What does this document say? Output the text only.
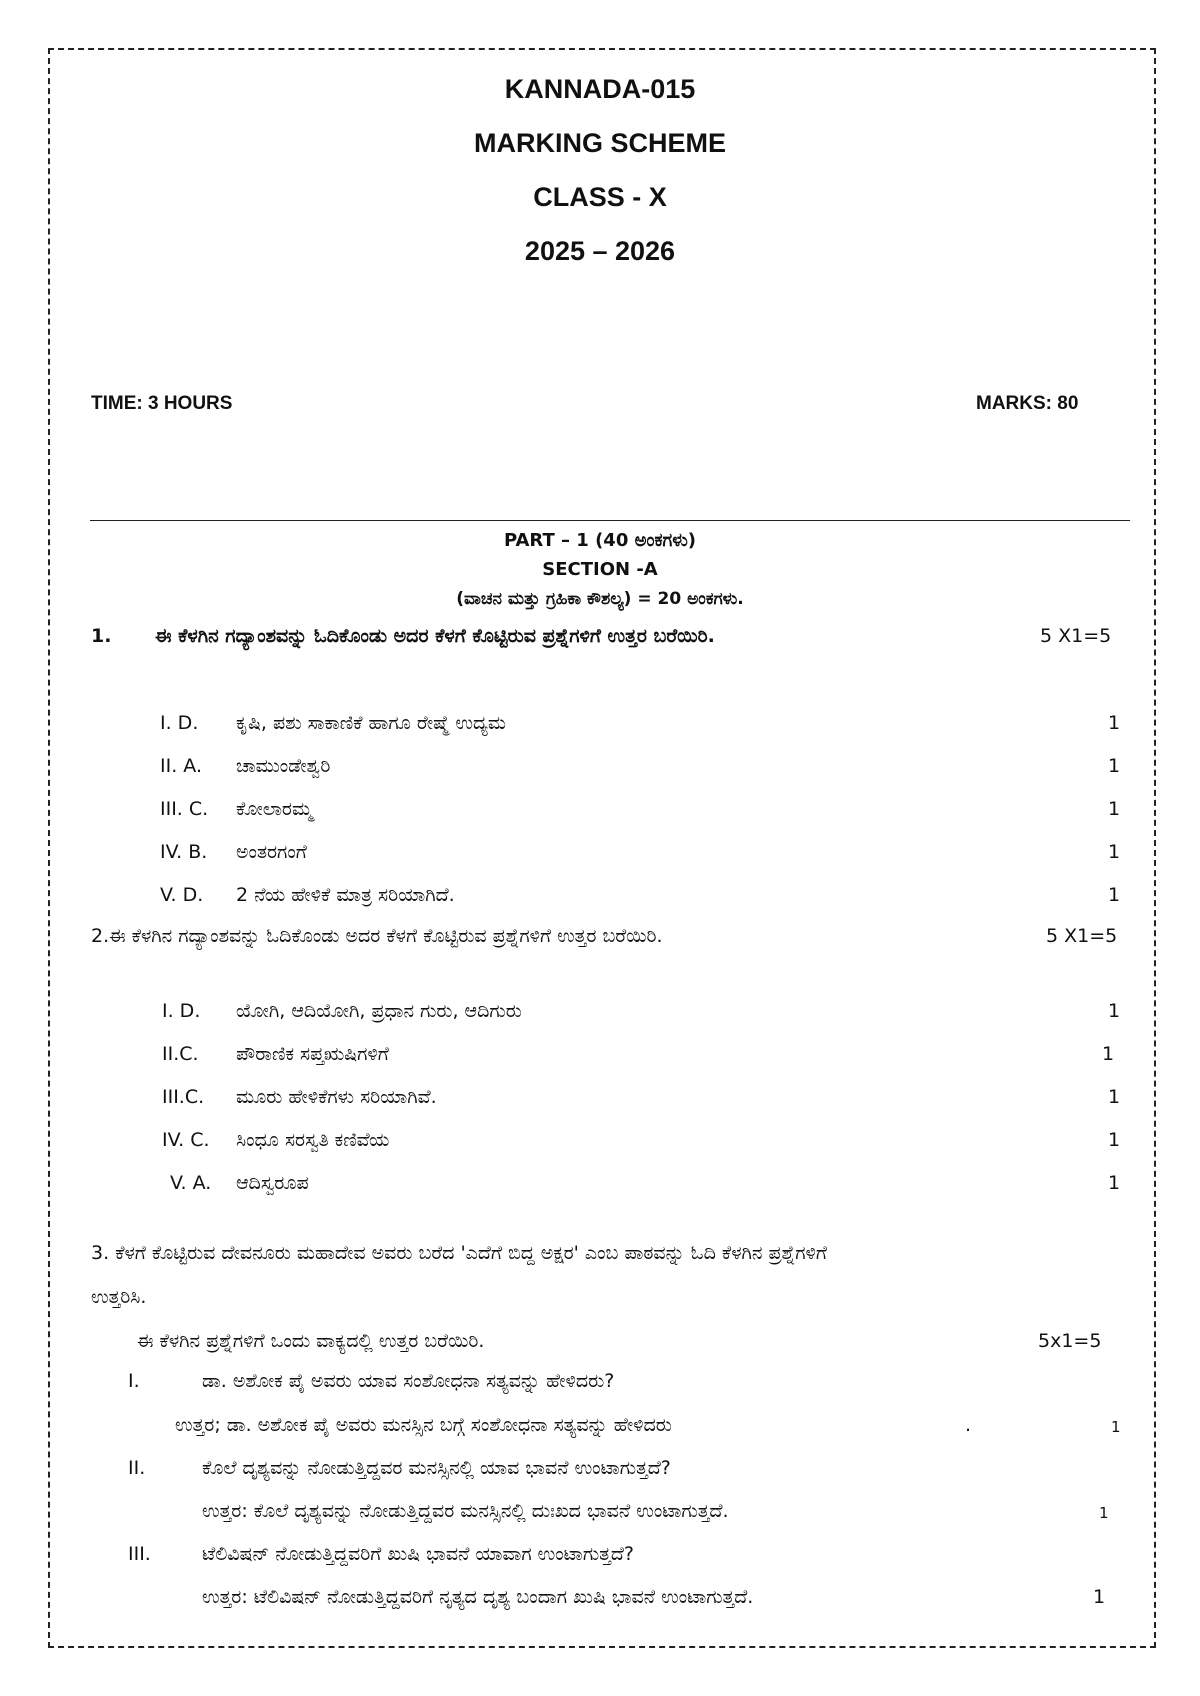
KANNADA-015
MARKING SCHEME
CLASS - X
2025 – 2026
TIME: 3 HOURS	MARKS: 80
PART – 1 (40 ಅಂಕಗಳು)
SECTION -A
(ವಾಚನ ಮತ್ತು ಗ್ರಹಿಕಾ ಕೌಶಲ್ಯ) = 20 ಅಂಕಗಳು.
1. ಈ ಕೆಳಗಿನ ಗದ್ಯಾಂಶವನ್ನು ಓದಿಕೊಂಡು ಅದರ ಕೆಳಗೆ ಕೊಟ್ಟಿರುವ ಪ್ರಶ್ನೆಗಳಿಗೆ ಉತ್ತರ ಬರೆಯಿರಿ.	5 X1=5
I. D. ಕೃಷಿ, ಪಶು ಸಾಕಾಣಿಕೆ ಹಾಗೂ ರೇಷ್ಮೆ ಉದ್ಯಮ	1
II. A. ಚಾಮುಂಡೇಶ್ವರಿ	1
III. C. ಕೋಲಾರಮ್ಮ	1
IV. B. ಅಂತರಗಂಗೆ	1
V. D. 2 ನೆಯ ಹೇಳಿಕೆ ಮಾತ್ರ ಸರಿಯಾಗಿದೆ.	1
2.ಈ ಕೆಳಗಿನ ಗದ್ಯಾಂಶವನ್ನು ಓದಿಕೊಂಡು ಅದರ ಕೆಳಗೆ ಕೊಟ್ಟಿರುವ ಪ್ರಶ್ನೆಗಳಿಗೆ ಉತ್ತರ ಬರೆಯಿರಿ.	5 X1=5
I. D. ಯೋಗಿ, ಆದಿಯೋಗಿ, ಪ್ರಧಾನ ಗುರು, ಆದಿಗುರು	1
II.C. ಪೌರಾಣಿಕ ಸಪ್ತಋಷಿಗಳಿಗೆ	1
III.C. ಮೂರು ಹೇಳಿಕೆಗಳು ಸರಿಯಾಗಿವೆ.	1
IV. C. ಸಿಂಧೂ ಸರಸ್ವತಿ ಕಣಿವೆಯ	1
V. A. ಆದಿಸ್ವರೂಪ	1
3. ಕೆಳಗೆ ಕೊಟ್ಟಿರುವ ದೇವನೂರು ಮಹಾದೇವ ಅವರು ಬರೆದ 'ಎದೆಗೆ ಬಿದ್ದ ಅಕ್ಷರ' ಎಂಬ ಪಾಠವನ್ನು ಓದಿ ಕೆಳಗಿನ ಪ್ರಶ್ನೆಗಳಿಗೆ
ಉತ್ತರಿಸಿ.
ಈ ಕೆಳಗಿನ ಪ್ರಶ್ನೆಗಳಿಗೆ ಒಂದು ವಾಕ್ಯದಲ್ಲಿ ಉತ್ತರ ಬರೆಯಿರಿ.	5x1=5
I.	ಡಾ. ಅಶೋಕ ಪೈ ಅವರು ಯಾವ ಸಂಶೋಧನಾ ಸತ್ಯವನ್ನು ಹೇಳಿದರು?
ಉತ್ತರ; ಡಾ. ಅಶೋಕ ಪೈ ಅವರು ಮನಸ್ಸಿನ ಬಗ್ಗೆ ಸಂಶೋಧನಾ ಸತ್ಯವನ್ನು ಹೇಳಿದರು	.	1
II.	ಕೊಲೆ ದೃಶ್ಯವನ್ನು ನೋಡುತ್ತಿದ್ದವರ ಮನಸ್ಸಿನಲ್ಲಿ ಯಾವ ಭಾವನೆ ಉಂಟಾಗುತ್ತದೆ?
ಉತ್ತರ: ಕೊಲೆ ದೃಶ್ಯವನ್ನು ನೋಡುತ್ತಿದ್ದವರ ಮನಸ್ಸಿನಲ್ಲಿ ದುಃಖದ ಭಾವನೆ ಉಂಟಾಗುತ್ತದೆ.	1
III.	ಟೆಲಿವಿಷನ್ ನೋಡುತ್ತಿದ್ದವರಿಗೆ ಖುಷಿ ಭಾವನೆ ಯಾವಾಗ ಉಂಟಾಗುತ್ತದೆ?
ಉತ್ತರ: ಟೆಲಿವಿಷನ್ ನೋಡುತ್ತಿದ್ದವರಿಗೆ ನೃತ್ಯದ ದೃಶ್ಯ ಬಂದಾಗ ಖುಷಿ ಭಾವನೆ ಉಂಟಾಗುತ್ತದೆ.	1
